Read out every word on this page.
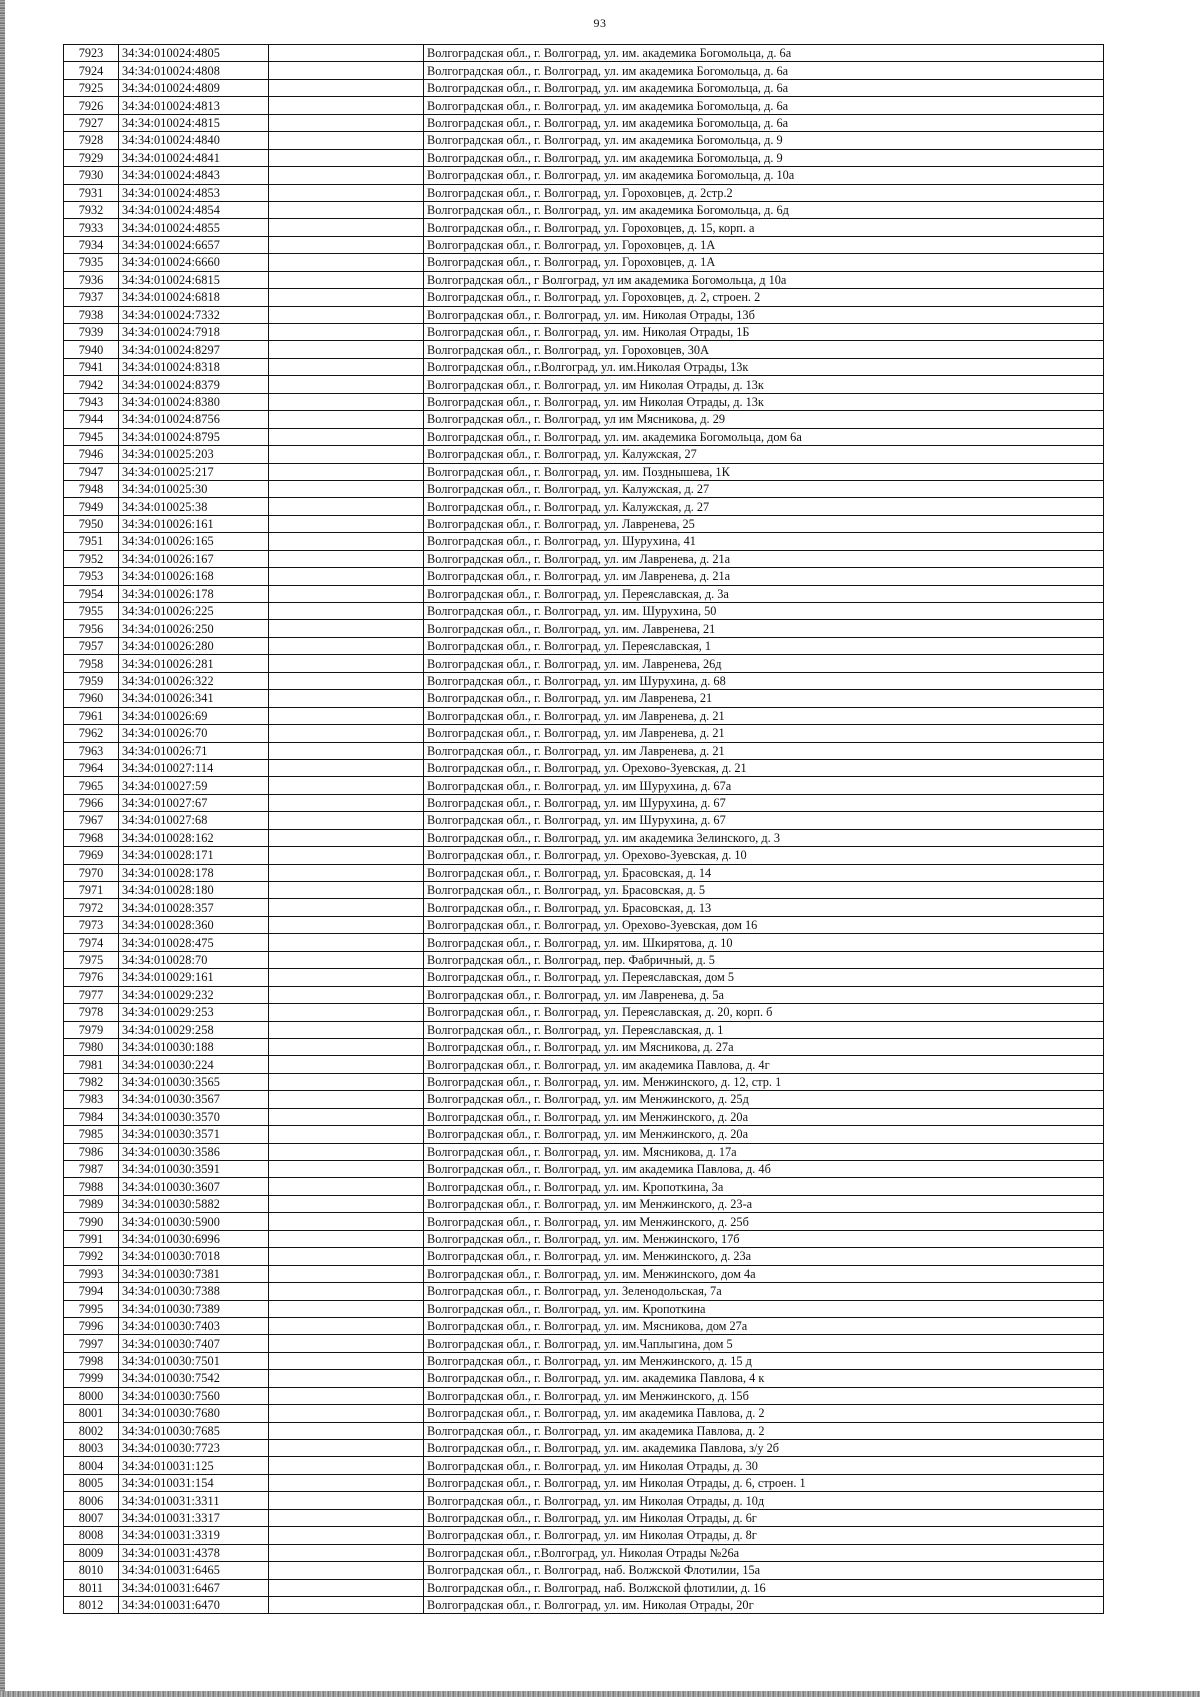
93
7923	34:34:010024:4805		Волгоградская обл., г. Волгоград, ул. им. академика Богомольца, д. 6а
7924	34:34:010024:4808		Волгоградская обл., г. Волгоград, ул. им академика Богомольца, д. 6а
7925	34:34:010024:4809		Волгоградская обл., г. Волгоград, ул. им академика Богомольца, д. 6а
7926	34:34:010024:4813		Волгоградская обл., г. Волгоград, ул. им академика Богомольца, д. 6а
7927	34:34:010024:4815		Волгоградская обл., г. Волгоград, ул. им академика Богомольца, д. 6а
7928	34:34:010024:4840		Волгоградская обл., г. Волгоград, ул. им академика Богомольца, д. 9
7929	34:34:010024:4841		Волгоградская обл., г. Волгоград, ул. им академика Богомольца, д. 9
7930	34:34:010024:4843		Волгоградская обл., г. Волгоград, ул. им академика Богомольца, д. 10а
7931	34:34:010024:4853		Волгоградская обл., г. Волгоград, ул. Гороховцев, д. 2стр.2
7932	34:34:010024:4854		Волгоградская обл., г. Волгоград, ул. им академика Богомольца, д. 6д
7933	34:34:010024:4855		Волгоградская обл., г. Волгоград, ул. Гороховцев, д. 15, корп. а
7934	34:34:010024:6657		Волгоградская обл., г. Волгоград, ул. Гороховцев, д. 1А
7935	34:34:010024:6660		Волгоградская обл., г. Волгоград, ул. Гороховцев, д. 1А
7936	34:34:010024:6815		Волгоградская обл., г Волгоград, ул им академика Богомольца, д 10а
7937	34:34:010024:6818		Волгоградская обл., г. Волгоград, ул. Гороховцев, д. 2, строен. 2
7938	34:34:010024:7332		Волгоградская обл., г. Волгоград, ул. им. Николая Отрады, 13б
7939	34:34:010024:7918		Волгоградская обл., г. Волгоград, ул. им. Николая Отрады, 1Б
7940	34:34:010024:8297		Волгоградская обл., г. Волгоград, ул. Гороховцев, 30А
7941	34:34:010024:8318		Волгоградская обл., г.Волгоград, ул. им.Николая Отрады, 13к
7942	34:34:010024:8379		Волгоградская обл., г. Волгоград, ул. им Николая Отрады, д. 13к
7943	34:34:010024:8380		Волгоградская обл., г. Волгоград, ул. им Николая Отрады, д. 13к
7944	34:34:010024:8756		Волгоградская обл., г. Волгоград, ул им Мясникова, д. 29
7945	34:34:010024:8795		Волгоградская обл., г. Волгоград, ул. им. академика Богомольца, дом 6а
7946	34:34:010025:203		Волгоградская обл., г. Волгоград, ул. Калужская, 27
7947	34:34:010025:217		Волгоградская обл., г. Волгоград, ул. им. Позднышева, 1К
7948	34:34:010025:30		Волгоградская обл., г. Волгоград, ул. Калужская, д. 27
7949	34:34:010025:38		Волгоградская обл., г. Волгоград, ул. Калужская, д. 27
7950	34:34:010026:161		Волгоградская обл., г. Волгоград, ул. Лавренева, 25
7951	34:34:010026:165		Волгоградская обл., г. Волгоград, ул. Шурухина, 41
7952	34:34:010026:167		Волгоградская обл., г. Волгоград, ул. им Лавренева, д. 21а
7953	34:34:010026:168		Волгоградская обл., г. Волгоград, ул. им Лавренева, д. 21а
7954	34:34:010026:178		Волгоградская обл., г. Волгоград, ул. Переяславская, д. 3а
7955	34:34:010026:225		Волгоградская обл., г. Волгоград, ул. им. Шурухина, 50
7956	34:34:010026:250		Волгоградская обл., г. Волгоград, ул. им. Лавренева, 21
7957	34:34:010026:280		Волгоградская обл., г. Волгоград, ул. Переяславская, 1
7958	34:34:010026:281		Волгоградская обл., г. Волгоград, ул. им. Лавренева, 26д
7959	34:34:010026:322		Волгоградская обл., г. Волгоград, ул. им Шурухина, д. 68
7960	34:34:010026:341		Волгоградская обл., г. Волгоград, ул. им Лавренева, 21
7961	34:34:010026:69		Волгоградская обл., г. Волгоград, ул. им Лавренева, д. 21
7962	34:34:010026:70		Волгоградская обл., г. Волгоград, ул. им Лавренева, д. 21
7963	34:34:010026:71		Волгоградская обл., г. Волгоград, ул. им Лавренева, д. 21
7964	34:34:010027:114		Волгоградская обл., г. Волгоград, ул. Орехово-Зуевская, д. 21
7965	34:34:010027:59		Волгоградская обл., г. Волгоград, ул. им Шурухина, д. 67а
7966	34:34:010027:67		Волгоградская обл., г. Волгоград, ул. им Шурухина, д. 67
7967	34:34:010027:68		Волгоградская обл., г. Волгоград, ул. им Шурухина, д. 67
7968	34:34:010028:162		Волгоградская обл., г. Волгоград, ул. им академика Зелинского, д. 3
7969	34:34:010028:171		Волгоградская обл., г. Волгоград, ул. Орехово-Зуевская, д. 10
7970	34:34:010028:178		Волгоградская обл., г. Волгоград, ул. Брасовская, д. 14
7971	34:34:010028:180		Волгоградская обл., г. Волгоград, ул. Брасовская, д. 5
7972	34:34:010028:357		Волгоградская обл., г. Волгоград, ул. Брасовская, д. 13
7973	34:34:010028:360		Волгоградская обл., г. Волгоград, ул. Орехово-Зуевская, дом 16
7974	34:34:010028:475		Волгоградская обл., г. Волгоград, ул. им. Шкирятова, д. 10
7975	34:34:010028:70		Волгоградская обл., г. Волгоград, пер. Фабричный, д. 5
7976	34:34:010029:161		Волгоградская обл., г. Волгоград, ул. Переяславская, дом 5
7977	34:34:010029:232		Волгоградская обл., г. Волгоград, ул. им Лавренева, д. 5а
7978	34:34:010029:253		Волгоградская обл., г. Волгоград, ул. Переяславская, д. 20, корп. б
7979	34:34:010029:258		Волгоградская обл., г. Волгоград, ул. Переяславская, д. 1
7980	34:34:010030:188		Волгоградская обл., г. Волгоград, ул. им Мясникова, д. 27а
7981	34:34:010030:224		Волгоградская обл., г. Волгоград, ул. им академика Павлова, д. 4г
7982	34:34:010030:3565		Волгоградская обл., г. Волгоград, ул. им. Менжинского, д. 12, стр. 1
7983	34:34:010030:3567		Волгоградская обл., г. Волгоград, ул. им Менжинского, д. 25д
7984	34:34:010030:3570		Волгоградская обл., г. Волгоград, ул. им Менжинского, д. 20а
7985	34:34:010030:3571		Волгоградская обл., г. Волгоград, ул. им Менжинского, д. 20а
7986	34:34:010030:3586		Волгоградская обл., г. Волгоград, ул. им. Мясникова, д. 17а
7987	34:34:010030:3591		Волгоградская обл., г. Волгоград, ул. им академика Павлова, д. 4б
7988	34:34:010030:3607		Волгоградская обл., г. Волгоград, ул. им. Кропоткина, 3а
7989	34:34:010030:5882		Волгоградская обл., г. Волгоград, ул. им Менжинского, д. 23-а
7990	34:34:010030:5900		Волгоградская обл., г. Волгоград, ул. им Менжинского, д. 25б
7991	34:34:010030:6996		Волгоградская обл., г. Волгоград, ул. им. Менжинского, 17б
7992	34:34:010030:7018		Волгоградская обл., г. Волгоград, ул. им. Менжинского, д. 23а
7993	34:34:010030:7381		Волгоградская обл., г. Волгоград, ул. им. Менжинского, дом 4а
7994	34:34:010030:7388		Волгоградская обл., г. Волгоград, ул. Зеленодольская, 7а
7995	34:34:010030:7389		Волгоградская обл., г. Волгоград, ул. им. Кропоткина
7996	34:34:010030:7403		Волгоградская обл., г. Волгоград, ул. им. Мясникова, дом 27а
7997	34:34:010030:7407		Волгоградская обл., г. Волгоград, ул. им.Чаплыгина, дом 5
7998	34:34:010030:7501		Волгоградская обл., г. Волгоград, ул. им Менжинского, д. 15 д
7999	34:34:010030:7542		Волгоградская обл., г. Волгоград, ул. им. академика Павлова, 4 к
8000	34:34:010030:7560		Волгоградская обл., г. Волгоград, ул. им Менжинского, д. 15б
8001	34:34:010030:7680		Волгоградская обл., г. Волгоград, ул. им академика Павлова, д. 2
8002	34:34:010030:7685		Волгоградская обл., г. Волгоград, ул. им академика Павлова, д. 2
8003	34:34:010030:7723		Волгоградская обл., г. Волгоград, ул. им. академика Павлова, з/у 2б
8004	34:34:010031:125		Волгоградская обл., г. Волгоград, ул. им Николая Отрады, д. 30
8005	34:34:010031:154		Волгоградская обл., г. Волгоград, ул. им Николая Отрады, д. 6, строен. 1
8006	34:34:010031:3311		Волгоградская обл., г. Волгоград, ул. им Николая Отрады, д. 10д
8007	34:34:010031:3317		Волгоградская обл., г. Волгоград, ул. им Николая Отрады, д. 6г
8008	34:34:010031:3319		Волгоградская обл., г. Волгоград, ул. им Николая Отрады, д. 8г
8009	34:34:010031:4378		Волгоградская обл., г.Волгоград, ул. Николая Отрады №26а
8010	34:34:010031:6465		Волгоградская обл., г. Волгоград, наб. Волжской Флотилии, 15а
8011	34:34:010031:6467		Волгоградская обл., г. Волгоград, наб. Волжской флотилии, д. 16
8012	34:34:010031:6470		Волгоградская обл., г. Волгоград, ул. им. Николая Отрады, 20г
